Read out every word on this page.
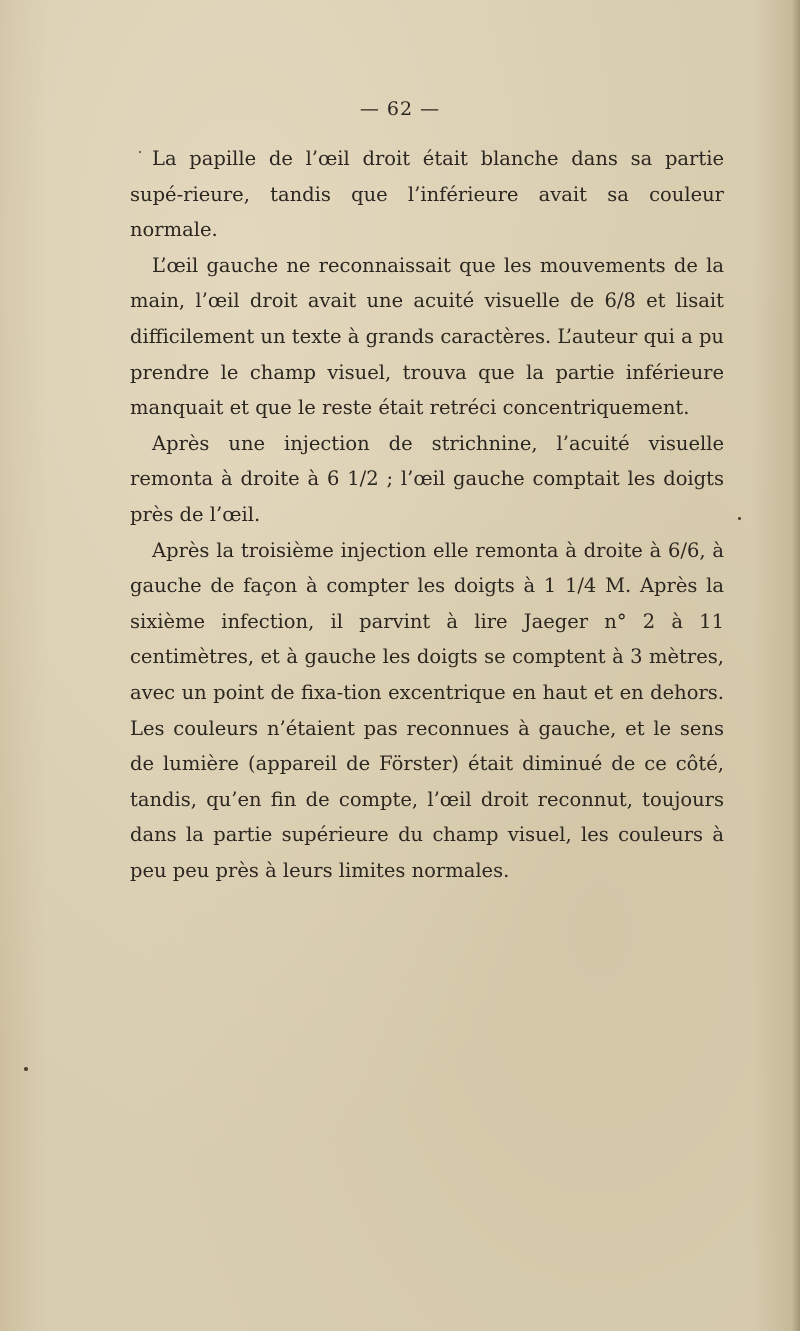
— 62 —

La papille de l’œil droit était blanche dans sa partie supé-rieure, tandis que l’inférieure avait sa couleur normale.

L’œil gauche ne reconnaissait que les mouvements de la main, l’œil droit avait une acuité visuelle de 6/8 et lisait difficilement un texte à grands caractères. L’auteur qui a pu prendre le champ visuel, trouva que la partie inférieure manquait et que le reste était retréci concentriquement.

Après une injection de strichnine, l’acuité visuelle remonta à droite à 6 1/2 ; l’œil gauche comptait les doigts près de l’œil.

Après la troisième injection elle remonta à droite à 6/6, à gauche de façon à compter les doigts à 1 1/4 M. Après la sixième infection, il parvint à lire Jaeger n° 2 à 11 centimètres, et à gauche les doigts se comptent à 3 mètres, avec un point de fixa-tion excentrique en haut et en dehors. Les couleurs n’étaient pas reconnues à gauche, et le sens de lumière (appareil de Förster) était diminué de ce côté, tandis, qu’en fin de compte, l’œil droit reconnut, toujours dans la partie supérieure du champ visuel, les couleurs à peu peu près à leurs limites normales.
